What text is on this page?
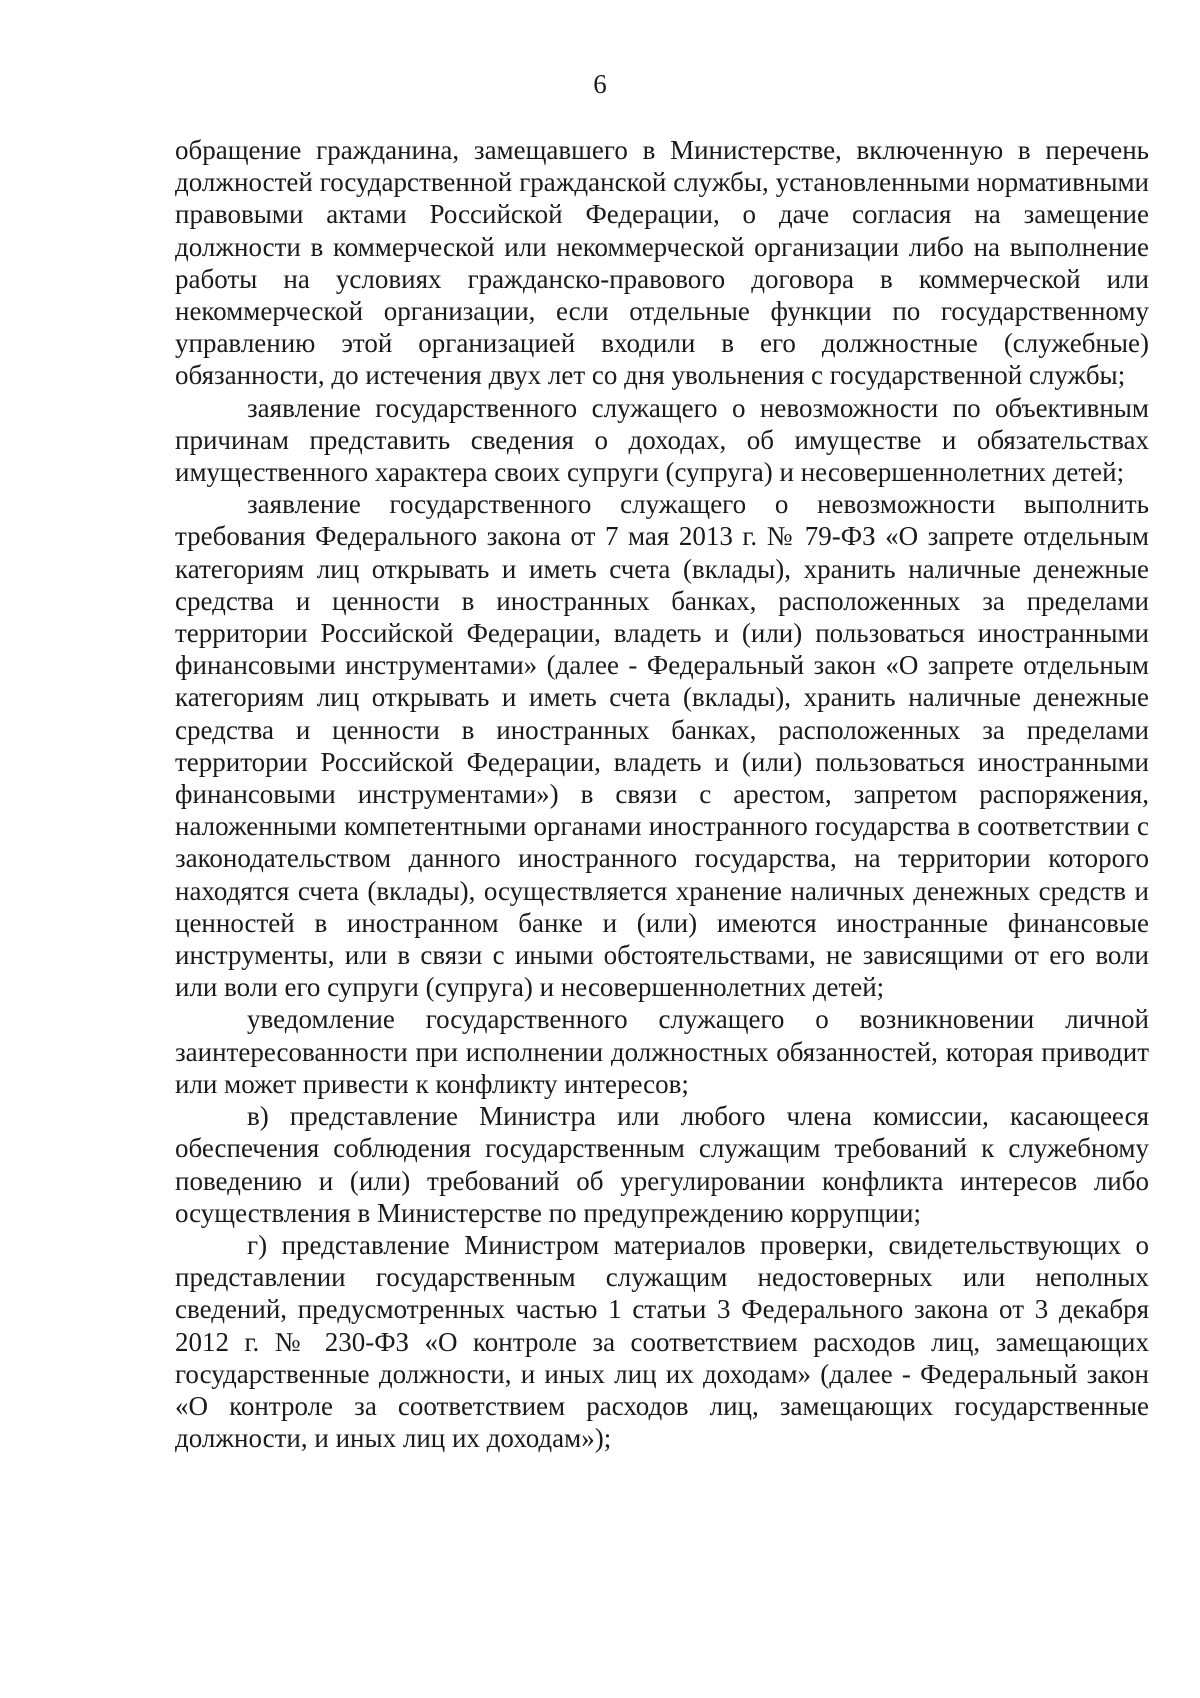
6

обращение гражданина, замещавшего в Министерстве, включенную в перечень должностей государственной гражданской службы, установленными нормативными правовыми актами Российской Федерации, о даче согласия на замещение должности в коммерческой или некоммерческой организации либо на выполнение работы на условиях гражданско-правового договора в коммерческой или некоммерческой организации, если отдельные функции по государственному управлению этой организацией входили в его должностные (служебные) обязанности, до истечения двух лет со дня увольнения с государственной службы;

заявление государственного служащего о невозможности по объективным причинам представить сведения о доходах, об имуществе и обязательствах имущественного характера своих супруги (супруга) и несовершеннолетних детей;

заявление государственного служащего о невозможности выполнить требования Федерального закона от 7 мая 2013 г. № 79-ФЗ «О запрете отдельным категориям лиц открывать и иметь счета (вклады), хранить наличные денежные средства и ценности в иностранных банках, расположенных за пределами территории Российской Федерации, владеть и (или) пользоваться иностранными финансовыми инструментами» (далее - Федеральный закон «О запрете отдельным категориям лиц открывать и иметь счета (вклады), хранить наличные денежные средства и ценности в иностранных банках, расположенных за пределами территории Российской Федерации, владеть и (или) пользоваться иностранными финансовыми инструментами») в связи с арестом, запретом распоряжения, наложенными компетентными органами иностранного государства в соответствии с законодательством данного иностранного государства, на территории которого находятся счета (вклады), осуществляется хранение наличных денежных средств и ценностей в иностранном банке и (или) имеются иностранные финансовые инструменты, или в связи с иными обстоятельствами, не зависящими от его воли или воли его супруги (супруга) и несовершеннолетних детей;

уведомление государственного служащего о возникновении личной заинтересованности при исполнении должностных обязанностей, которая приводит или может привести к конфликту интересов;

в) представление Министра или любого члена комиссии, касающееся обеспечения соблюдения государственным служащим требований к служебному поведению и (или) требований об урегулировании конфликта интересов либо осуществления в Министерстве по предупреждению коррупции;

г) представление Министром материалов проверки, свидетельствующих о представлении государственным служащим недостоверных или неполных сведений, предусмотренных частью 1 статьи 3 Федерального закона от 3 декабря 2012 г. № 230-ФЗ «О контроле за соответствием расходов лиц, замещающих государственные должности, и иных лиц их доходам» (далее - Федеральный закон «О контроле за соответствием расходов лиц, замещающих государственные должности, и иных лиц их доходам»);
